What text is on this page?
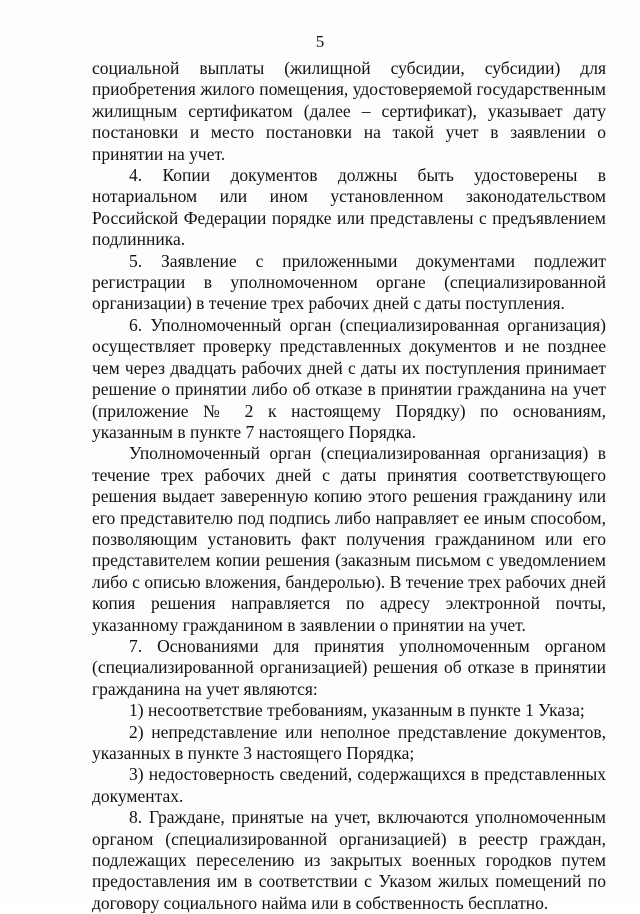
5

социальной выплаты (жилищной субсидии, субсидии) для приобретения жилого помещения, удостоверяемой государственным жилищным сертификатом (далее – сертификат), указывает дату постановки и место постановки на такой учет в заявлении о принятии на учет.

4. Копии документов должны быть удостоверены в нотариальном или ином установленном законодательством Российской Федерации порядке или представлены с предъявлением подлинника.

5. Заявление с приложенными документами подлежит регистрации в уполномоченном органе (специализированной организации) в течение трех рабочих дней с даты поступления.

6. Уполномоченный орган (специализированная организация) осуществляет проверку представленных документов и не позднее чем через двадцать рабочих дней с даты их поступления принимает решение о принятии либо об отказе в принятии гражданина на учет (приложение № 2 к настоящему Порядку) по основаниям, указанным в пункте 7 настоящего Порядка.

Уполномоченный орган (специализированная организация) в течение трех рабочих дней с даты принятия соответствующего решения выдает заверенную копию этого решения гражданину или его представителю под подпись либо направляет ее иным способом, позволяющим установить факт получения гражданином или его представителем копии решения (заказным письмом с уведомлением либо с описью вложения, бандеролью). В течение трех рабочих дней копия решения направляется по адресу электронной почты, указанному гражданином в заявлении о принятии на учет.

7. Основаниями для принятия уполномоченным органом (специализированной организацией) решения об отказе в принятии гражданина на учет являются:

1) несоответствие требованиям, указанным в пункте 1 Указа;

2) непредставление или неполное представление документов, указанных в пункте 3 настоящего Порядка;

3) недостоверность сведений, содержащихся в представленных документах.

8. Граждане, принятые на учет, включаются уполномоченным органом (специализированной организацией) в реестр граждан, подлежащих переселению из закрытых военных городков путем предоставления им в соответствии с Указом жилых помещений по договору социального найма или в собственность бесплатно.
